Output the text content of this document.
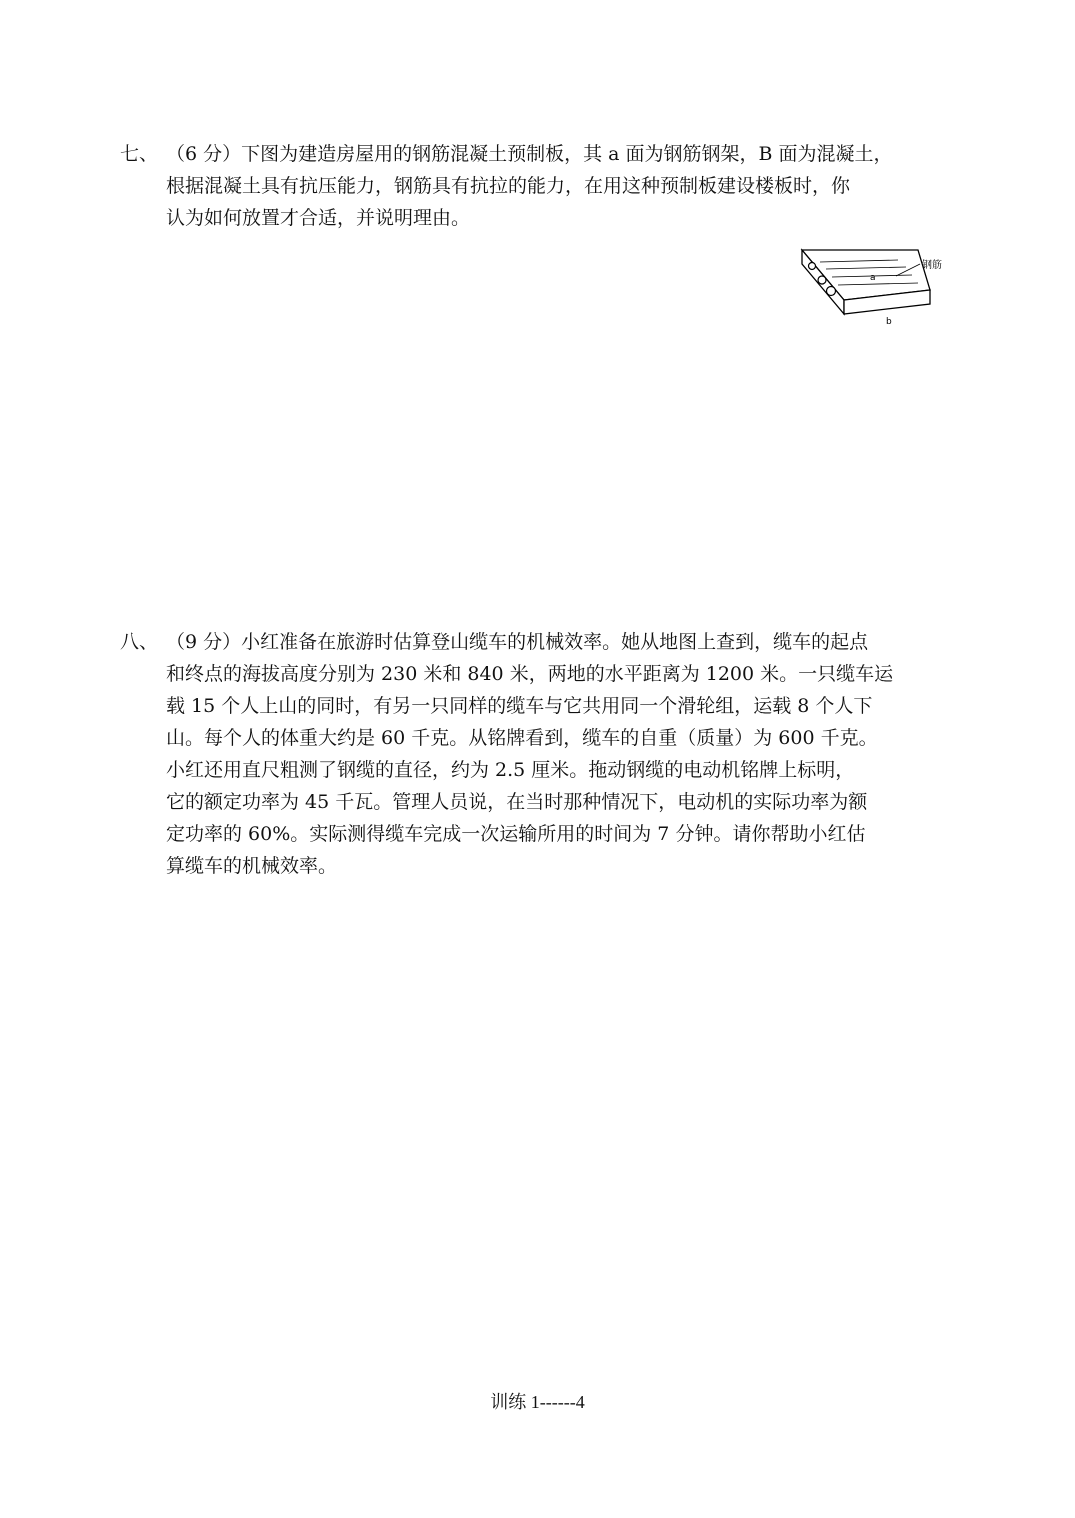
七、 （6 分）下图为建造房屋用的钢筋混凝土预制板，其 a 面为钢筋钢架，B 面为混凝土，
根据混凝土具有抗压能力，钢筋具有抗拉的能力，在用这种预制板建设楼板时，你
认为如何放置才合适，并说明理由。
钢筋
a
b
八、 （9 分）小红准备在旅游时估算登山缆车的机械效率。她从地图上查到，缆车的起点
和终点的海拔高度分别为 230 米和 840 米，两地的水平距离为 1200 米。一只缆车运
载 15 个人上山的同时，有另一只同样的缆车与它共用同一个滑轮组，运载 8 个人下
山。每个人的体重大约是 60 千克。从铭牌看到，缆车的自重（质量）为 600 千克。
小红还用直尺粗测了钢缆的直径，约为 2.5 厘米。拖动钢缆的电动机铭牌上标明，
它的额定功率为 45 千瓦。管理人员说，在当时那种情况下，电动机的实际功率为额
定功率的 60%。实际测得缆车完成一次运输所用的时间为 7 分钟。请你帮助小红估
算缆车的机械效率。
训练 1------4
